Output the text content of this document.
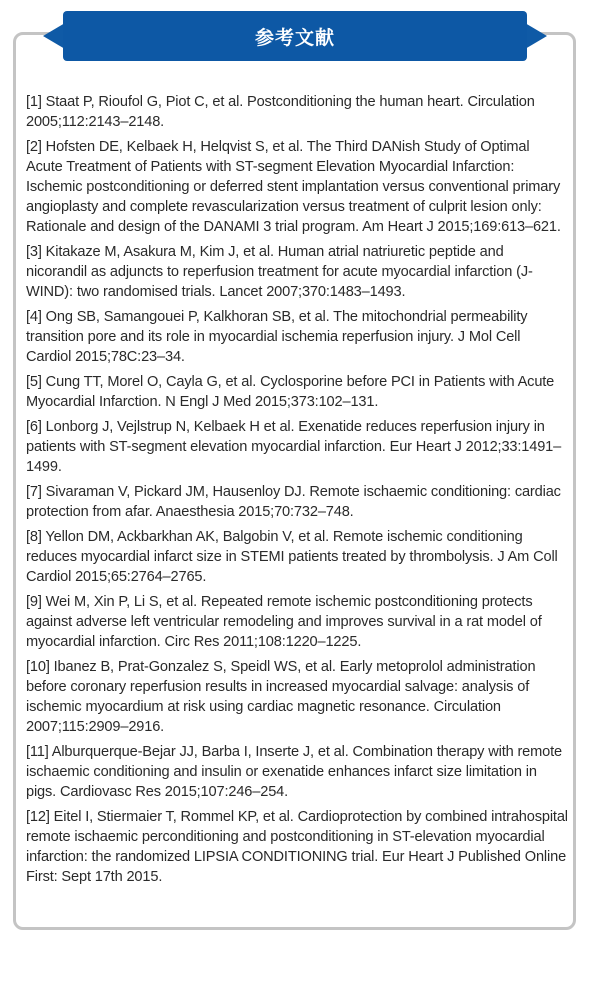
参考文献

[1] Staat P, Rioufol G, Piot C, et al. Postconditioning the human heart. Circulation 2005;112:2143–2148.

[2] Hofsten DE, Kelbaek H, Helqvist S, et al. The Third DANish Study of Optimal Acute Treatment of Patients with ST-segment Elevation Myocardial Infarction: Ischemic postconditioning or deferred stent implantation versus conventional primary angioplasty and complete revascularization versus treatment of culprit lesion only: Rationale and design of the DANAMI 3 trial program. Am Heart J 2015;169:613–621.

[3] Kitakaze M, Asakura M, Kim J, et al. Human atrial natriuretic peptide and nicorandil as adjuncts to reperfusion treatment for acute myocardial infarction (J-WIND): two randomised trials. Lancet 2007;370:1483–1493.

[4] Ong SB, Samangouei P, Kalkhoran SB, et al. The mitochondrial permeability transition pore and its role in myocardial ischemia reperfusion injury. J Mol Cell Cardiol 2015;78C:23–34.

[5] Cung TT, Morel O, Cayla G, et al. Cyclosporine before PCI in Patients with Acute Myocardial Infarction. N Engl J Med 2015;373:102–131.

[6] Lonborg J, Vejlstrup N, Kelbaek H et al. Exenatide reduces reperfusion injury in patients with ST-segment elevation myocardial infarction. Eur Heart J 2012;33:1491–1499.

[7] Sivaraman V, Pickard JM, Hausenloy DJ. Remote ischaemic conditioning: cardiac protection from afar. Anaesthesia 2015;70:732–748.

[8] Yellon DM, Ackbarkhan AK, Balgobin V, et al. Remote ischemic conditioning reduces myocardial infarct size in STEMI patients treated by thrombolysis. J Am Coll Cardiol 2015;65:2764–2765.

[9] Wei M, Xin P, Li S, et al. Repeated remote ischemic postconditioning protects against adverse left ventricular remodeling and improves survival in a rat model of myocardial infarction. Circ Res 2011;108:1220–1225.

[10] Ibanez B, Prat-Gonzalez S, Speidl WS, et al. Early metoprolol administration before coronary reperfusion results in increased myocardial salvage: analysis of ischemic myocardium at risk using cardiac magnetic resonance. Circulation 2007;115:2909–2916.

[11] Alburquerque-Bejar JJ, Barba I, Inserte J, et al. Combination therapy with remote ischaemic conditioning and insulin or exenatide enhances infarct size limitation in pigs. Cardiovasc Res 2015;107:246–254.

[12] Eitel I, Stiermaier T, Rommel KP, et al. Cardioprotection by combined intrahospital remote ischaemic perconditioning and postconditioning in ST-elevation myocardial infarction: the randomized LIPSIA CONDITIONING trial. Eur Heart J Published Online First: Sept 17th 2015.
